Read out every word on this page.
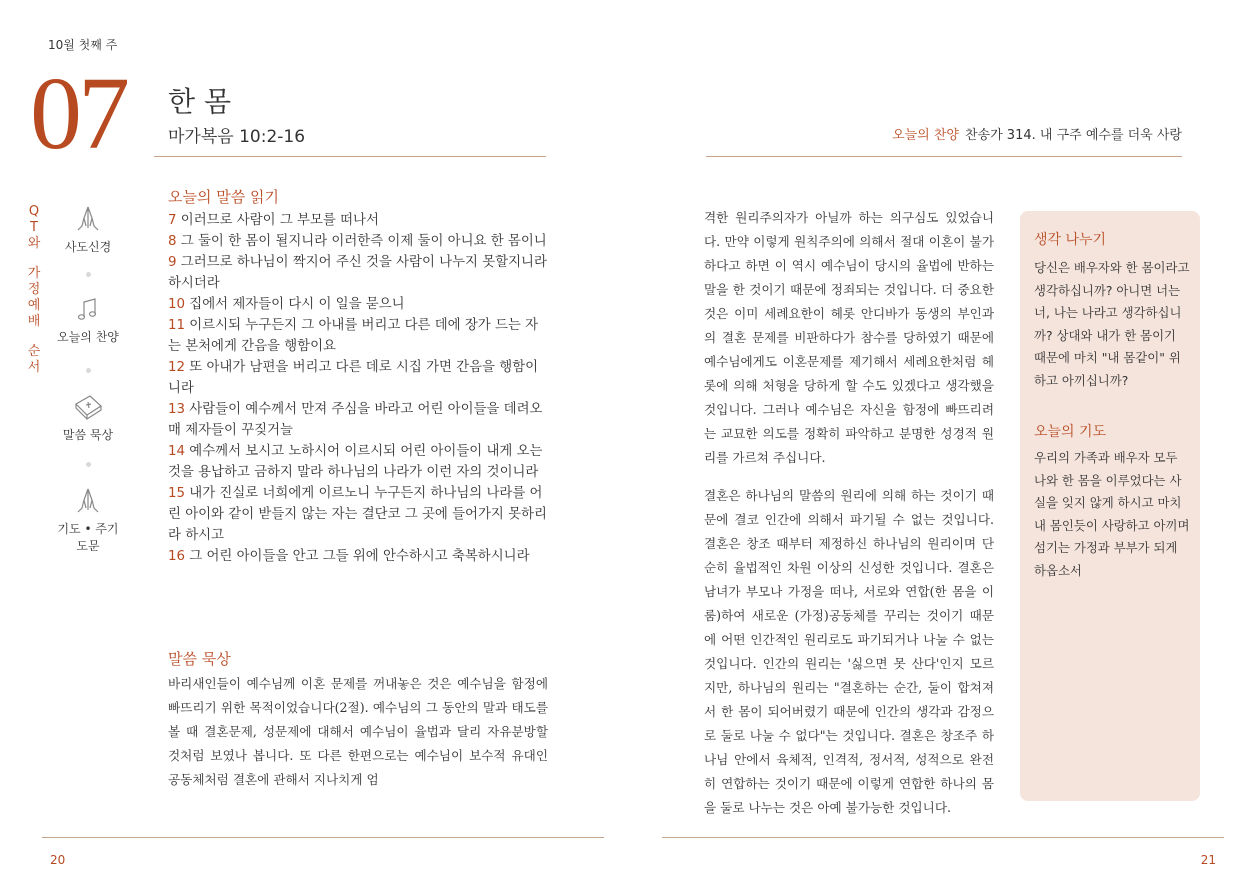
10월 첫째 주
07 한 몸
마가복음 10:2-16	오늘의 찬양 찬송가 314. 내 구주 예수를 더욱 사랑
Q
T
와
가
정
예
배
순
서
사도신경
오늘의 찬양
말씀 묵상
기도 • 주기도문
오늘의 말씀 읽기
7 이러므로 사람이 그 부모를 떠나서
8 그 둘이 한 몸이 될지니라 이러한즉 이제 둘이 아니요 한 몸이니
9 그러므로 하나님이 짝지어 주신 것을 사람이 나누지 못할지니라 하시더라
10 집에서 제자들이 다시 이 일을 묻으니
11 이르시되 누구든지 그 아내를 버리고 다른 데에 장가 드는 자는 본처에게 간음을 행함이요
12 또 아내가 남편을 버리고 다른 데로 시집 가면 간음을 행함이니라
13 사람들이 예수께서 만져 주심을 바라고 어린 아이들을 데려오매 제자들이 꾸짖거늘
14 예수께서 보시고 노하시어 이르시되 어린 아이들이 내게 오는 것을 용납하고 금하지 말라 하나님의 나라가 이런 자의 것이니라
15 내가 진실로 너희에게 이르노니 누구든지 하나님의 나라를 어린 아이와 같이 받들지 않는 자는 결단코 그 곳에 들어가지 못하리라 하시고
16 그 어린 아이들을 안고 그들 위에 안수하시고 축복하시니라
말씀 묵상
바리새인들이 예수님께 이혼 문제를 꺼내놓은 것은 예수님을 함정에 빠뜨리기 위한 목적이었습니다(2절). 예수님의 그 동안의 말과 태도를 볼 때 결혼문제, 성문제에 대해서 예수님이 율법과 달리 자유분방할 것처럼 보였나 봅니다. 또 다른 한편으로는 예수님이 보수적 유대인 공동체처럼 결혼에 관해서 지나치게 엄

격한 원리주의자가 아닐까 하는 의구심도 있었습니다. 만약 이렇게 원칙주의에 의해서 절대 이혼이 불가하다고 하면 이 역시 예수님이 당시의 율법에 반하는 말을 한 것이기 때문에 정죄되는 것입니다. 더 중요한 것은 이미 세례요한이 헤롯 안디바가 동생의 부인과의 결혼 문제를 비판하다가 참수를 당하였기 때문에 예수님에게도 이혼문제를 제기해서 세례요한처럼 헤롯에 의해 처형을 당하게 할 수도 있겠다고 생각했을 것입니다. 그러나 예수님은 자신을 함정에 빠뜨리려는 교묘한 의도를 정확히 파악하고 분명한 성경적 원리를 가르쳐 주십니다.

결혼은 하나님의 말씀의 원리에 의해 하는 것이기 때문에 결코 인간에 의해서 파기될 수 없는 것입니다. 결혼은 창조 때부터 제정하신 하나님의 원리이며 단순히 율법적인 차원 이상의 신성한 것입니다. 결혼은 남녀가 부모나 가정을 떠나, 서로와 연합(한 몸을 이룸)하여 새로운 (가정)공동체를 꾸리는 것이기 때문에 어떤 인간적인 원리로도 파기되거나 나눌 수 없는 것입니다. 인간의 원리는 '싫으면 못 산다'인지 모르지만, 하나님의 원리는 "결혼하는 순간, 둘이 합쳐져서 한 몸이 되어버렸기 때문에 인간의 생각과 감정으로 둘로 나눌 수 없다"는 것입니다. 결혼은 창조주 하나님 안에서 육체적, 인격적, 정서적, 성적으로 완전히 연합하는 것이기 때문에 이렇게 연합한 하나의 몸을 둘로 나누는 것은 아예 불가능한 것입니다.

생각 나누기
당신은 배우자와 한 몸이라고 생각하십니까? 아니면 너는 너, 나는 나라고 생각하십니까? 상대와 내가 한 몸이기 때문에 마치 "내 몸같이" 위하고 아끼십니까?
오늘의 기도
우리의 가족과 배우자 모두 나와 한 몸을 이루었다는 사실을 잊지 않게 하시고 마치 내 몸인듯이 사랑하고 아끼며 섬기는 가정과 부부가 되게 하옵소서
20	21
